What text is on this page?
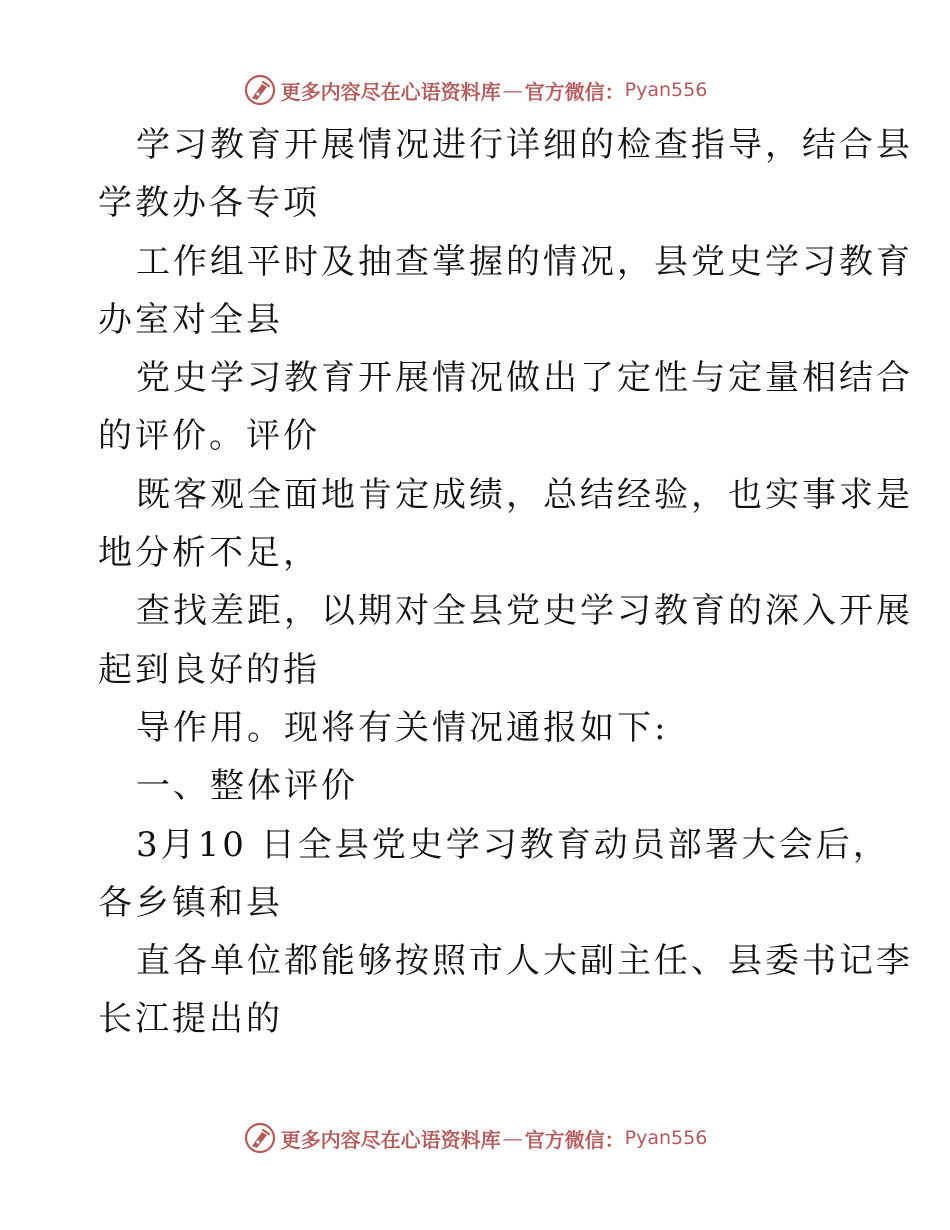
更多内容尽在心语资料库 — 官方微信： Pyan556
学习教育开展情况进行详细的检查指导，结合县
学教办各专项
工作组平时及抽查掌握的情况，县党史学习教育
办室对全县
党史学习教育开展情况做出了定性与定量相结合
的评价。评价
既客观全面地肯定成绩，总结经验，也实事求是
地分析不足，
查找差距，以期对全县党史学习教育的深入开展
起到良好的指
导作用。现将有关情况通报如下:
一、整体评价
3月10 日全县党史学习教育动员部署大会后，
各乡镇和县
直各单位都能够按照市人大副主任、县委书记李
长江提出的
更多内容尽在心语资料库 — 官方微信： Pyan556
